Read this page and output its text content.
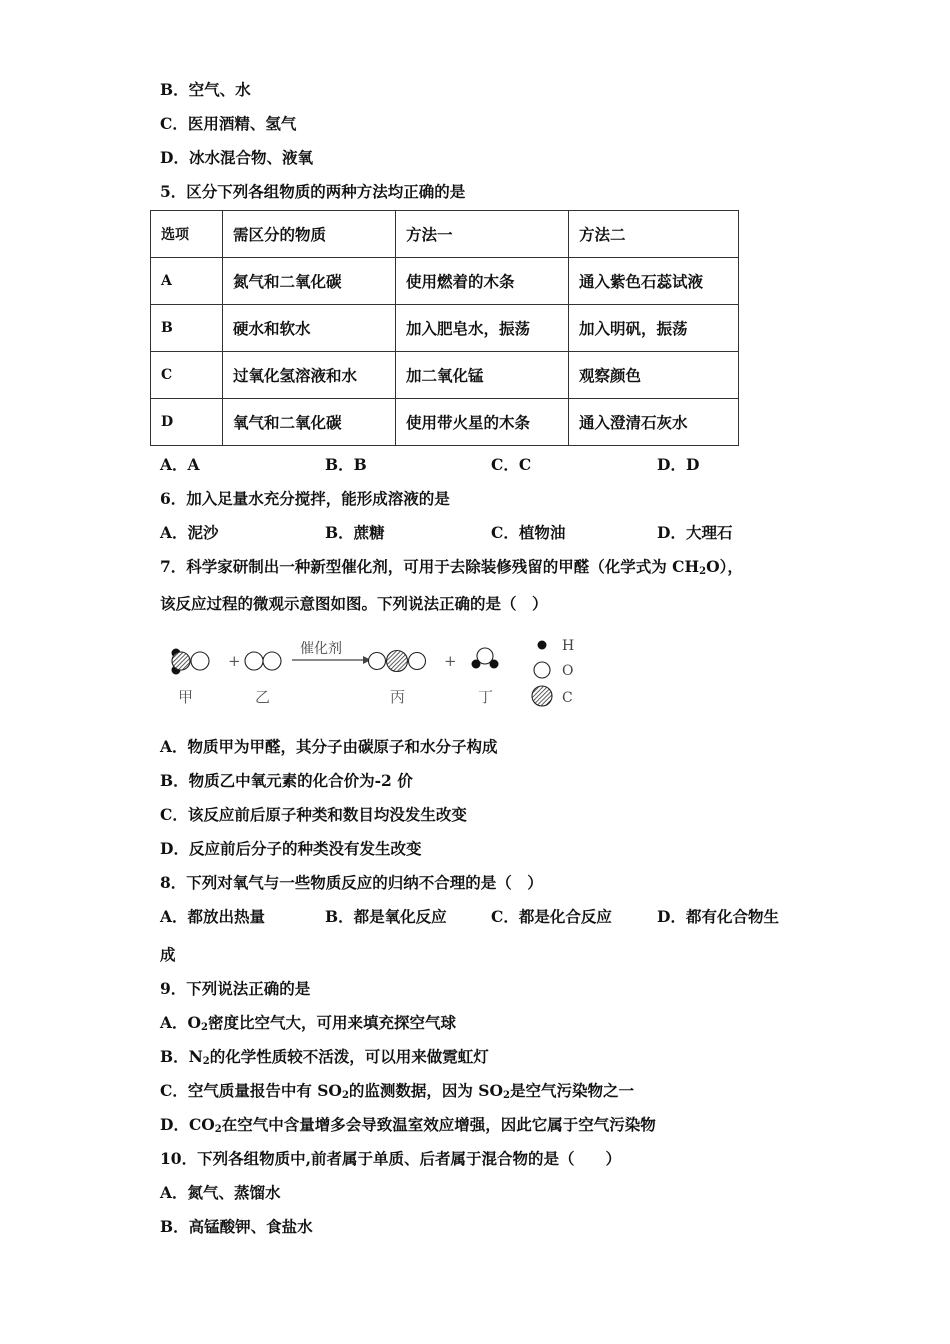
B．空气、水
C．医用酒精、氢气
D．冰水混合物、液氧
5．区分下列各组物质的两种方法均正确的是
选项	需区分的物质	方法一	方法二
A	氮气和二氧化碳	使用燃着的木条	通入紫色石蕊试液
B	硬水和软水	加入肥皂水，振荡	加入明矾，振荡
C	过氧化氢溶液和水	加二氧化锰	观察颜色
D	氧气和二氧化碳	使用带火星的木条	通入澄清石灰水
A．A	B．B	C．C	D．D
6．加入足量水充分搅拌，能形成溶液的是
A．泥沙	B．蔗糖	C．植物油	D．大理石
7．科学家研制出一种新型催化剂，可用于去除装修残留的甲醛（化学式为 $CH_2O$），
该反应过程的微观示意图如图。下列说法正确的是（　）
+
催化剂
+
H
O
C
甲	乙	丙	丁
A．物质甲为甲醛，其分子由碳原子和水分子构成
B．物质乙中氧元素的化合价为-2 价
C．该反应前后原子种类和数目均没发生改变
D．反应前后分子的种类没有发生改变
8．下列对氧气与一些物质反应的归纳不合理的是（　）
A．都放出热量	B．都是氧化反应	C．都是化合反应	D．都有化合物生
成
9．下列说法正确的是
A．$O_2$密度比空气大，可用来填充探空气球
B．$N_2$的化学性质较不活泼，可以用来做霓虹灯
C．空气质量报告中有 $SO_2$的监测数据，因为 $SO_2$是空气污染物之一
D．$CO_2$在空气中含量增多会导致温室效应增强，因此它属于空气污染物
10．下列各组物质中,前者属于单质、后者属于混合物的是（　　）
A．氮气、蒸馏水
B．高锰酸钾、食盐水
